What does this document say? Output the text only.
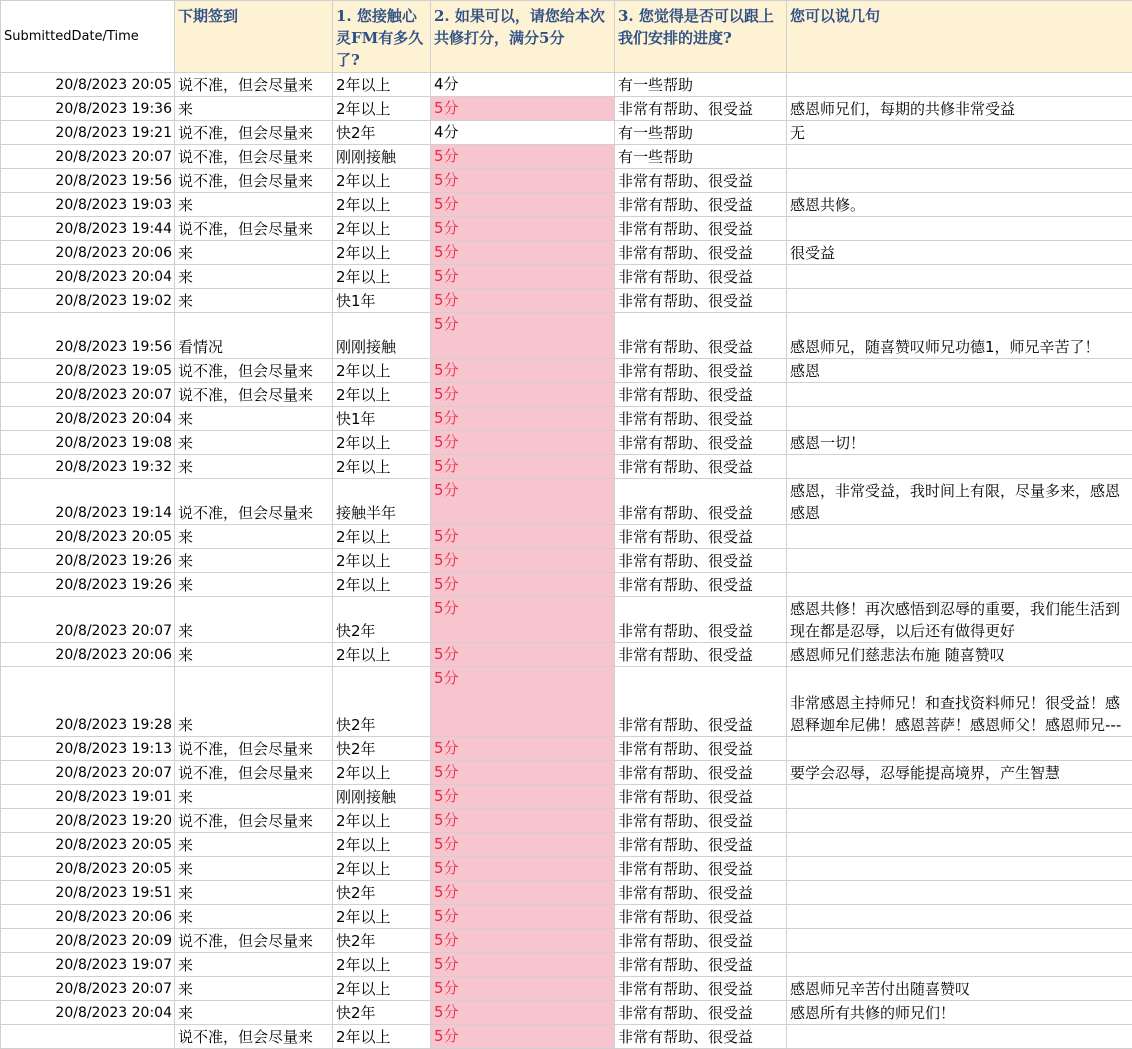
SubmittedDate/Time	下期签到	1. 您接触心灵FM有多久了?	2. 如果可以，请您给本次共修打分，满分5分	3. 您觉得是否可以跟上我们安排的进度?	您可以说几句
20/8/2023 20:05	说不准，但会尽量来	2年以上	4分	有一些帮助	
20/8/2023 19:36	来	2年以上	5分	非常有帮助、很受益	感恩师兄们，每期的共修非常受益
20/8/2023 19:21	说不准，但会尽量来	快2年	4分	有一些帮助	无
20/8/2023 20:07	说不准，但会尽量来	刚刚接触	5分	有一些帮助	
20/8/2023 19:56	说不准，但会尽量来	2年以上	5分	非常有帮助、很受益	
20/8/2023 19:03	来	2年以上	5分	非常有帮助、很受益	感恩共修。
20/8/2023 19:44	说不准，但会尽量来	2年以上	5分	非常有帮助、很受益	
20/8/2023 20:06	来	2年以上	5分	非常有帮助、很受益	很受益
20/8/2023 20:04	来	2年以上	5分	非常有帮助、很受益	
20/8/2023 19:02	来	快1年	5分	非常有帮助、很受益	
20/8/2023 19:56	看情况	刚刚接触	5分	非常有帮助、很受益	感恩师兄，随喜赞叹师兄功德1，师兄辛苦了！
20/8/2023 19:05	说不准，但会尽量来	2年以上	5分	非常有帮助、很受益	感恩
20/8/2023 20:07	说不准，但会尽量来	2年以上	5分	非常有帮助、很受益	
20/8/2023 20:04	来	快1年	5分	非常有帮助、很受益	
20/8/2023 19:08	来	2年以上	5分	非常有帮助、很受益	感恩一切！
20/8/2023 19:32	来	2年以上	5分	非常有帮助、很受益	
20/8/2023 19:14	说不准，但会尽量来	接触半年	5分	非常有帮助、很受益	感恩，非常受益，我时间上有限，尽量多来，感恩感恩
20/8/2023 20:05	来	2年以上	5分	非常有帮助、很受益	
20/8/2023 19:26	来	2年以上	5分	非常有帮助、很受益	
20/8/2023 19:26	来	2年以上	5分	非常有帮助、很受益	
20/8/2023 20:07	来	快2年	5分	非常有帮助、很受益	感恩共修！再次感悟到忍辱的重要，我们能生活到现在都是忍辱，以后还有做得更好
20/8/2023 20:06	来	2年以上	5分	非常有帮助、很受益	感恩师兄们慈悲法布施 随喜赞叹
20/8/2023 19:28	来	快2年	5分	非常有帮助、很受益	非常感恩主持师兄！和查找资料师兄！很受益！感恩释迦牟尼佛！感恩菩萨！感恩师父！感恩师兄---
20/8/2023 19:13	说不准，但会尽量来	快2年	5分	非常有帮助、很受益	
20/8/2023 20:07	说不准，但会尽量来	2年以上	5分	非常有帮助、很受益	要学会忍辱，忍辱能提高境界，产生智慧
20/8/2023 19:01	来	刚刚接触	5分	非常有帮助、很受益	
20/8/2023 19:20	说不准，但会尽量来	2年以上	5分	非常有帮助、很受益	
20/8/2023 20:05	来	2年以上	5分	非常有帮助、很受益	
20/8/2023 20:05	来	2年以上	5分	非常有帮助、很受益	
20/8/2023 19:51	来	快2年	5分	非常有帮助、很受益	
20/8/2023 20:06	来	2年以上	5分	非常有帮助、很受益	
20/8/2023 20:09	说不准，但会尽量来	快2年	5分	非常有帮助、很受益	
20/8/2023 19:07	来	2年以上	5分	非常有帮助、很受益	
20/8/2023 20:07	来	2年以上	5分	非常有帮助、很受益	感恩师兄辛苦付出随喜赞叹
20/8/2023 20:04	来	快2年	5分	非常有帮助、很受益	感恩所有共修的师兄们！
	说不准，但会尽量来	2年以上	5分	非常有帮助、很受益	
